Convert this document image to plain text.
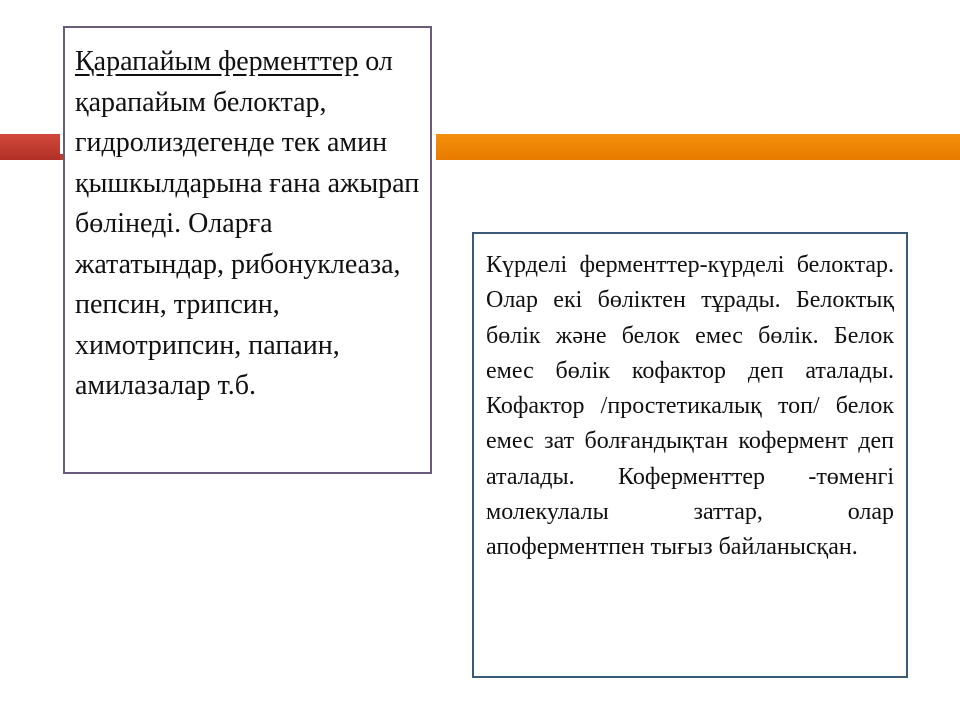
Қарапайым ферменттер ол қарапайым белоктар, гидролиздегенде тек амин қышкылдарына ғана ажырап бөлінеді. Оларға жататындар, рибонуклеаза, пепсин, трипсин, химотрипсин, папаин, амилазалар т.б.

Күрделі ферменттер-күрделі белоктар. Олар екі бөліктен тұрады. Белоктық бөлік және белок емес бөлік. Белок емес бөлік кофактор деп аталады. Кофактор /простетикалық топ/ белок емес зат болғандықтан кофермент деп аталады. Коферменттер -төменгі молекулалы заттар, олар апоферментпен тығыз байланысқан.
